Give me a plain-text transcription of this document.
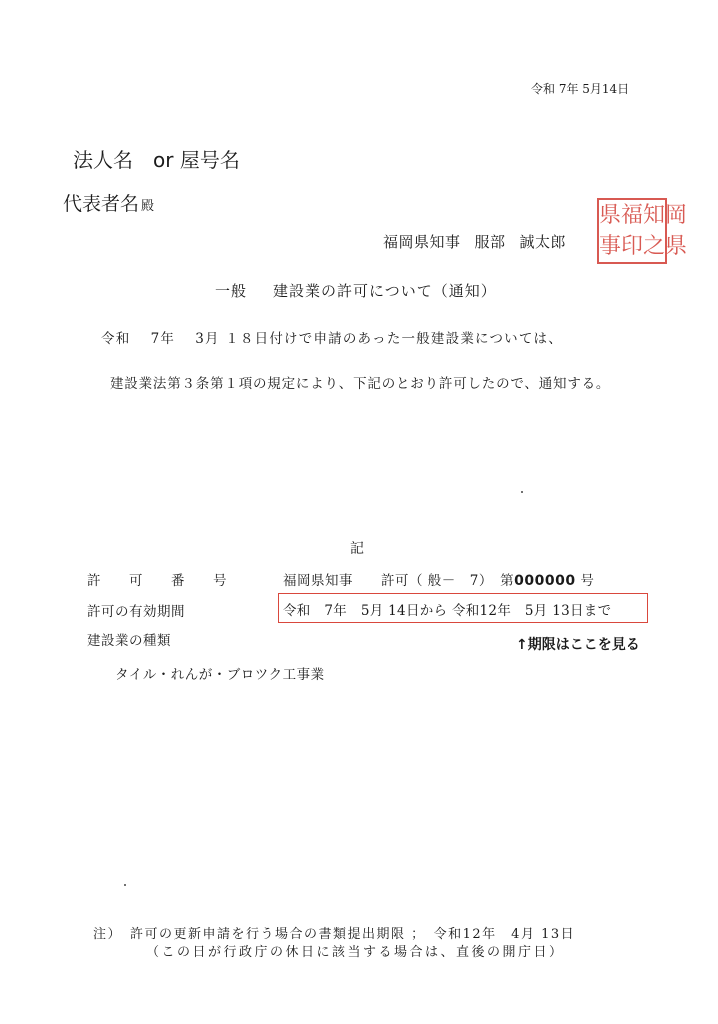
令和 7年 5月14日
法人名　or 屋号名
代表者名 殿
福岡県知事 服部 誠太郎
県福 知岡
事印 之県
一般 建設業の許可について（通知）
令和　 7年　 3月 １８日付けで申請のあった一般建設業については、
建設業法第３条第１項の規定により、下記のとおり許可したので、通知する。
記
許　　可　　番　　号	福岡県知事　　許可（ 般－　7）　第000000 号
許可の有効期間	令和　7年　5月 14日から 令和12年　5月 13日まで
建設業の種類	↑期限はここを見る
タイル・れんが・ブロツク工事業
注）　許可の更新申請を行う場合の書類提出期限 ；　令和12年　4月 13日
（この日が行政庁の休日に該当する場合は、直後の開庁日）
